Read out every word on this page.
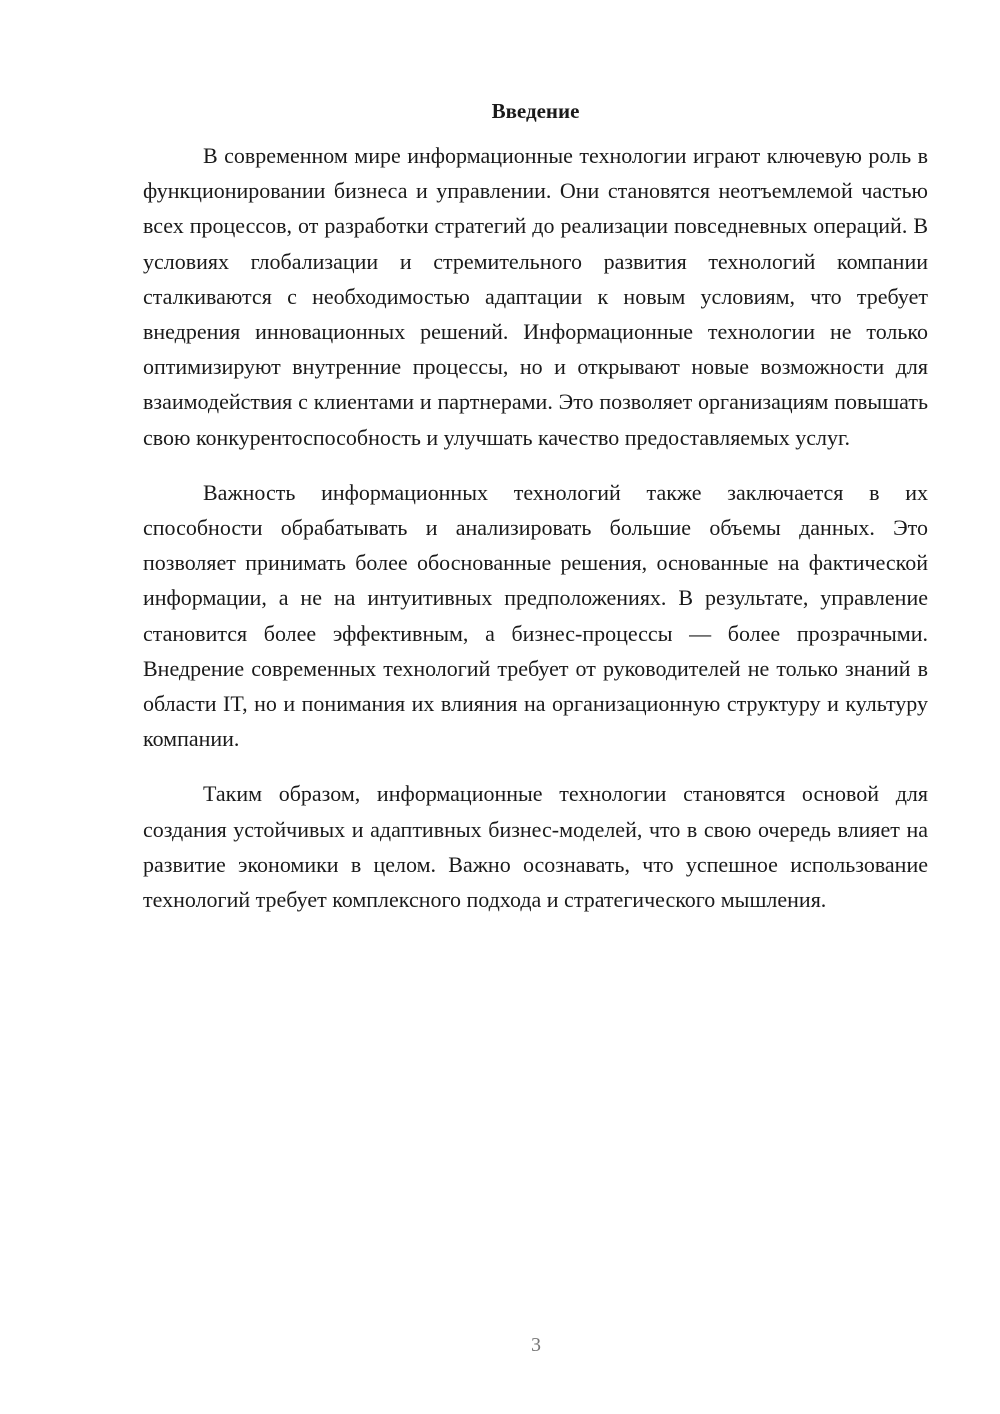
Введение

В современном мире информационные технологии играют ключевую роль в функционировании бизнеса и управлении. Они становятся неотъемлемой частью всех процессов, от разработки стратегий до реализации повседневных операций. В условиях глобализации и стремительного развития технологий компании сталкиваются с необходимостью адаптации к новым условиям, что требует внедрения инновационных решений. Информационные технологии не только оптимизируют внутренние процессы, но и открывают новые возможности для взаимодействия с клиентами и партнерами. Это позволяет организациям повышать свою конкурентоспособность и улучшать качество предоставляемых услуг.

Важность информационных технологий также заключается в их способности обрабатывать и анализировать большие объемы данных. Это позволяет принимать более обоснованные решения, основанные на фактической информации, а не на интуитивных предположениях. В результате, управление становится более эффективным, а бизнес-процессы — более прозрачными. Внедрение современных технологий требует от руководителей не только знаний в области IT, но и понимания их влияния на организационную структуру и культуру компании.

Таким образом, информационные технологии становятся основой для создания устойчивых и адаптивных бизнес-моделей, что в свою очередь влияет на развитие экономики в целом. Важно осознавать, что успешное использование технологий требует комплексного подхода и стратегического мышления.

3
